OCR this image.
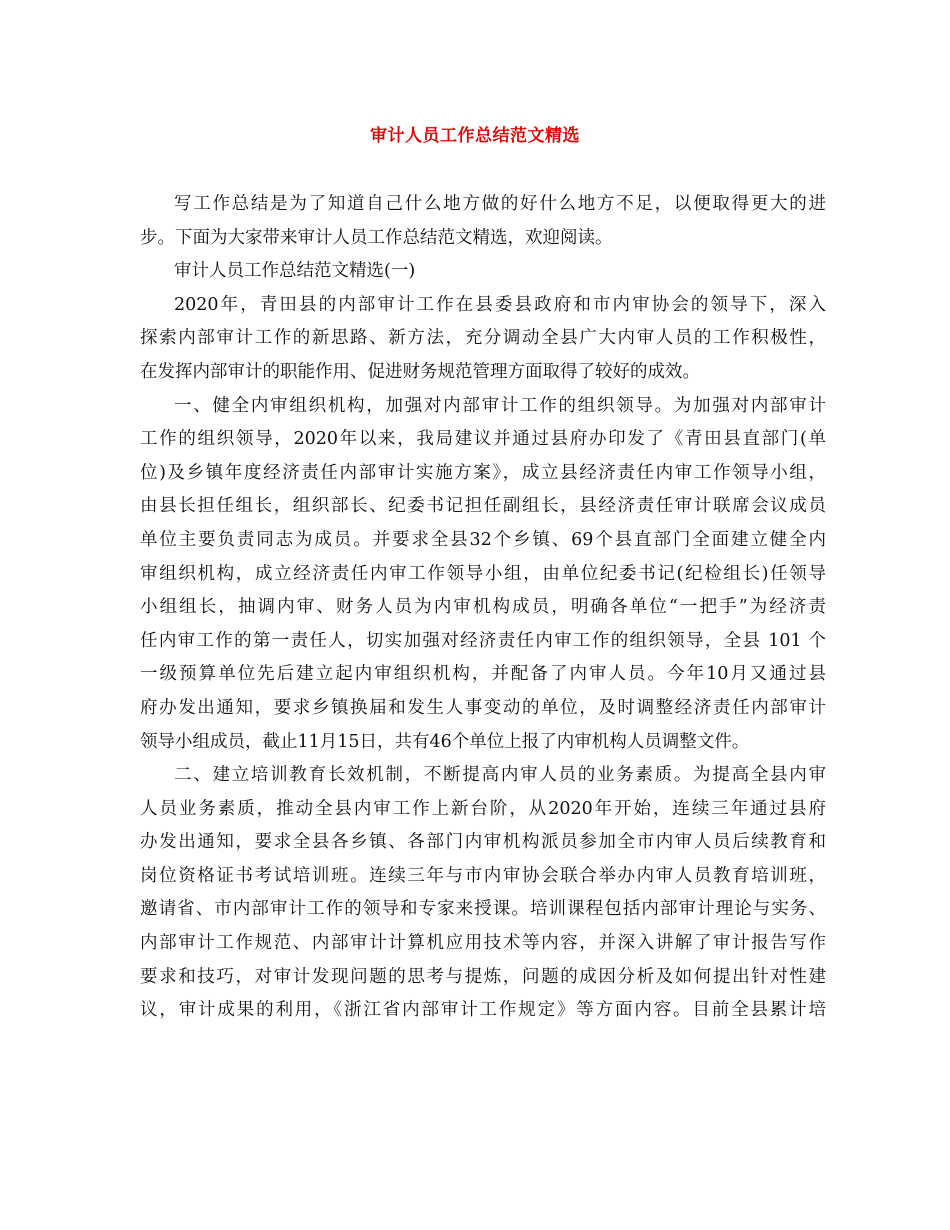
审计人员工作总结范文精选
写工作总结是为了知道自己什么地方做的好什么地方不足，以便取得更大的进
步。下面为大家带来审计人员工作总结范文精选，欢迎阅读。
审计人员工作总结范文精选(一)
2020年，青田县的内部审计工作在县委县政府和市内审协会的领导下，深入
探索内部审计工作的新思路、新方法，充分调动全县广大内审人员的工作积极性，
在发挥内部审计的职能作用、促进财务规范管理方面取得了较好的成效。
一、健全内审组织机构，加强对内部审计工作的组织领导。为加强对内部审计
工作的组织领导，2020年以来，我局建议并通过县府办印发了《青田县直部门(单
位)及乡镇年度经济责任内部审计实施方案》，成立县经济责任内审工作领导小组，
由县长担任组长，组织部长、纪委书记担任副组长，县经济责任审计联席会议成员
单位主要负责同志为成员。并要求全县32个乡镇、69个县直部门全面建立健全内
审组织机构，成立经济责任内审工作领导小组，由单位纪委书记(纪检组长)任领导
小组组长，抽调内审、财务人员为内审机构成员，明确各单位“一把手”为经济责
任内审工作的第一责任人，切实加强对经济责任内审工作的组织领导，全县 101 个
一级预算单位先后建立起内审组织机构，并配备了内审人员。今年10月又通过县
府办发出通知，要求乡镇换届和发生人事变动的单位，及时调整经济责任内部审计
领导小组成员，截止11月15日，共有46个单位上报了内审机构人员调整文件。
二、建立培训教育长效机制，不断提高内审人员的业务素质。为提高全县内审
人员业务素质，推动全县内审工作上新台阶，从2020年开始，连续三年通过县府
办发出通知，要求全县各乡镇、各部门内审机构派员参加全市内审人员后续教育和
岗位资格证书考试培训班。连续三年与市内审协会联合举办内审人员教育培训班，
邀请省、市内部审计工作的领导和专家来授课。培训课程包括内部审计理论与实务、
内部审计工作规范、内部审计计算机应用技术等内容，并深入讲解了审计报告写作
要求和技巧，对审计发现问题的思考与提炼，问题的成因分析及如何提出针对性建
议，审计成果的利用，《浙江省内部审计工作规定》等方面内容。目前全县累计培
